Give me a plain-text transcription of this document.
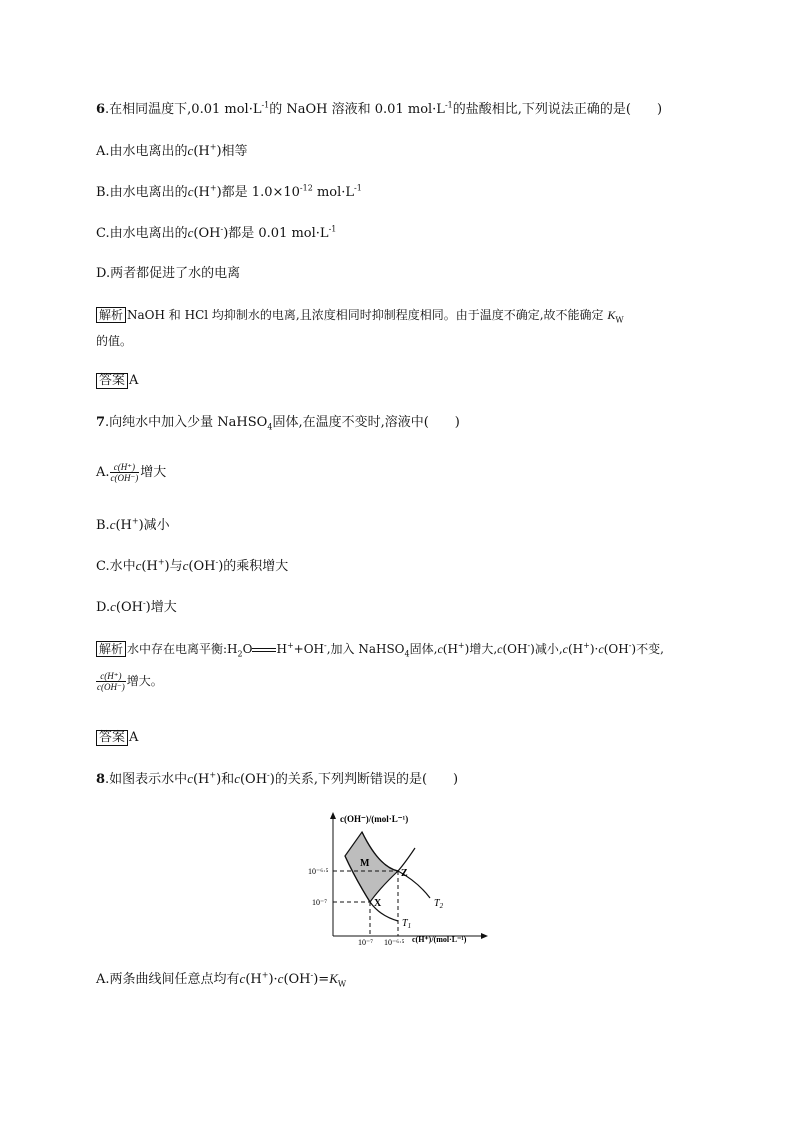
6.在相同温度下,0.01 $mol\cdot L^{-1}$的 NaOH 溶液和 0.01 $mol\cdot L^{-1}$的盐酸相比,下列说法正确的是(　　)
A.由水电离出的c(H+)相等
B.由水电离出的c(H+)都是 $1.0\times 10^{-12}$ $mol\cdot L^{-1}$
C.由水电离出的c(OH-)都是 0.01 $mol\cdot L^{-1}$
D.两者都促进了水的电离
解析 NaOH 和 HCl 均抑制水的电离,且浓度相同时抑制程度相同。由于温度不确定,故不能确定 $K_W$
的值。
答案 A
7.向纯水中加入少量 NaHSO$_4$固体,在温度不变时,溶液中(　　)
A. $\frac{c(H^+)}{c(OH^-)}$ 增大
B.c(H+)减小
C.水中c(H+)与c(OH-)的乘积增大
D.c(OH-)增大
解析 水中存在电离平衡$:H_2O$ H++OH-,加入 NaHSO$_4$固体,c(H+)增大,c(OH-)减小,c(H+)·c(OH-)不变,
$\frac{c(H^+)}{c(OH^-)}$ 增大。
答案 A
8.如图表示水中c(H+)和c(OH-)的关系,下列判断错误的是(　　)
c(OH⁻)/(mol·L⁻¹)
c(H⁺)/(mol·L⁻¹)
10⁻⁶·⁵
10⁻⁷
10⁻⁷ 10⁻⁶·⁵
M
Z
X
$T_1$
$T_2$
A.两条曲线间任意点均有$c(H^+)\cdot c(OH^-)=K_W$
